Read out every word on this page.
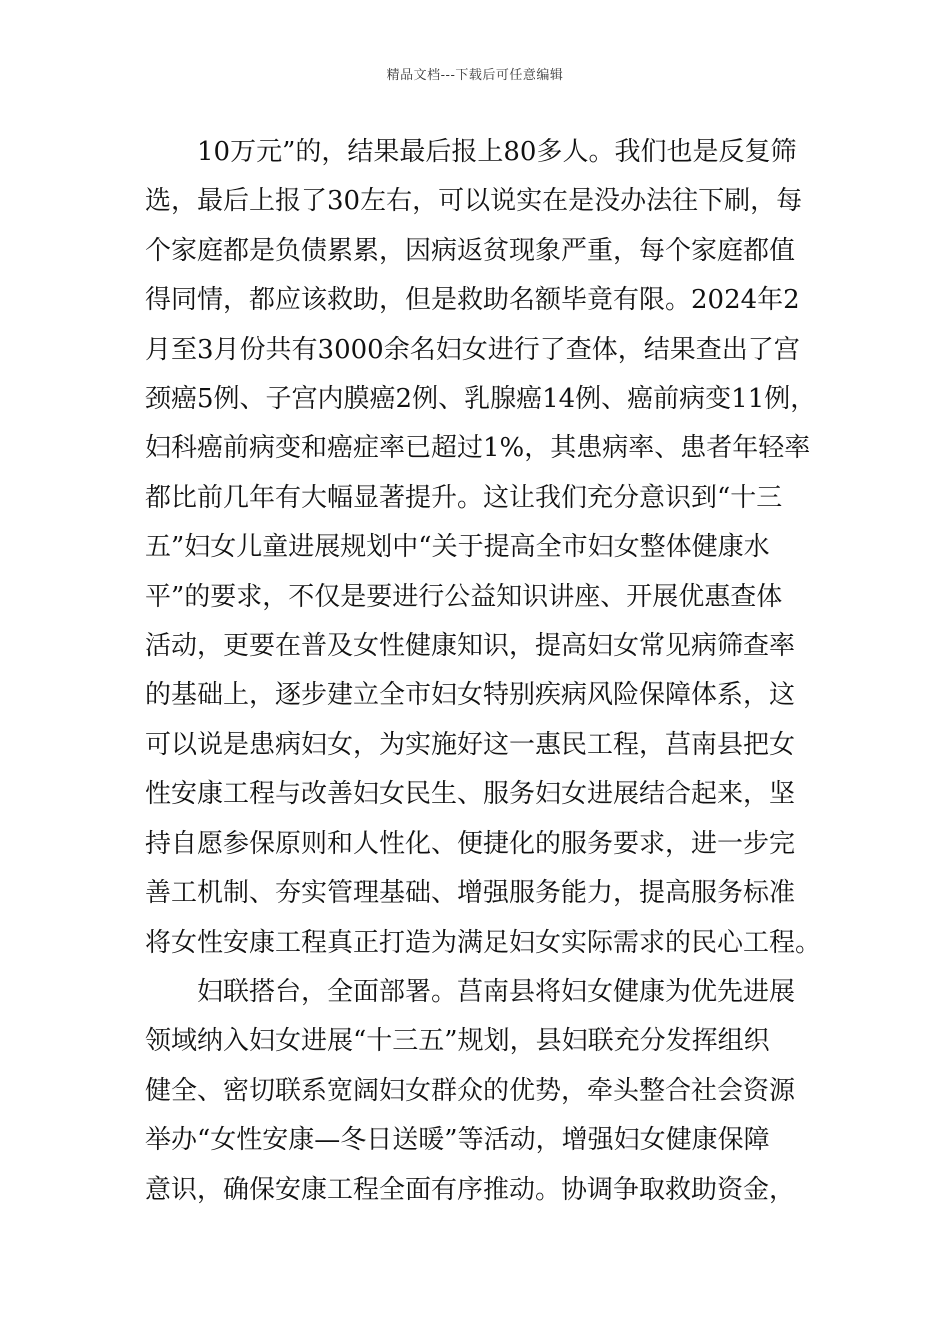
精品文档---下载后可任意编辑

10万元”的，结果最后报上80多人。我们也是反复筛
选，最后上报了30左右，可以说实在是没办法往下刷，每
个家庭都是负债累累，因病返贫现象严重，每个家庭都值
得同情，都应该救助，但是救助名额毕竟有限。2024年2
月至3月份共有3000余名妇女进行了查体，结果查出了宫
颈癌5例、子宫内膜癌2例、乳腺癌14例、癌前病变11例，
妇科癌前病变和癌症率已超过1%，其患病率、患者年轻率
都比前几年有大幅显著提升。这让我们充分意识到“十三
五”妇女儿童进展规划中“关于提高全市妇女整体健康水
平”的要求，不仅是要进行公益知识讲座、开展优惠查体
活动，更要在普及女性健康知识，提高妇女常见病筛查率
的基础上，逐步建立全市妇女特别疾病风险保障体系，这
可以说是患病妇女，为实施好这一惠民工程，莒南县把女
性安康工程与改善妇女民生、服务妇女进展结合起来，坚
持自愿参保原则和人性化、便捷化的服务要求，进一步完
善工机制、夯实管理基础、增强服务能力，提高服务标准
将女性安康工程真正打造为满足妇女实际需求的民心工程。

妇联搭台，全面部署。莒南县将妇女健康为优先进展
领域纳入妇女进展“十三五”规划，县妇联充分发挥组织
健全、密切联系宽阔妇女群众的优势，牵头整合社会资源
举办“女性安康—冬日送暖”等活动，增强妇女健康保障
意识，确保安康工程全面有序推动。协调争取救助资金，
